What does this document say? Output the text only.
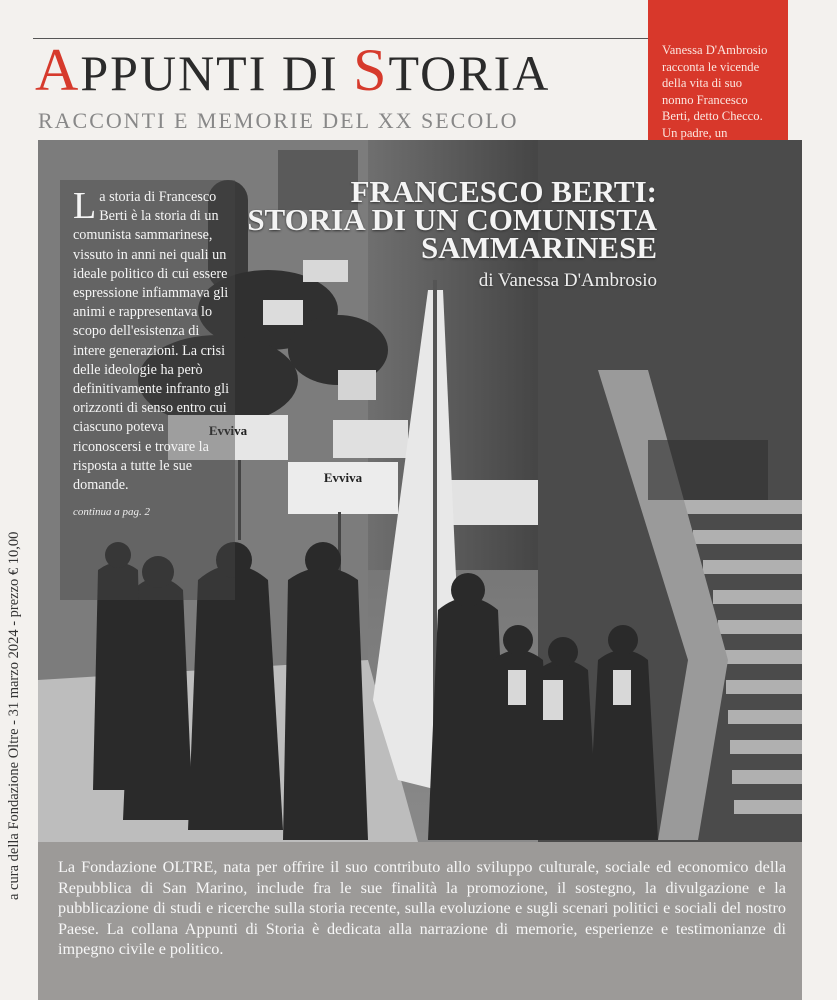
APPUNTI DI STORIA
RACCONTI E MEMORIE DEL XX SECOLO
Vanessa D'Ambrosio racconta le vicende della vita di suo nonno Francesco Berti, detto Checco. Un padre, un
a cura della Fondazione Oltre - 31 marzo 2024 - prezzo € 10,00
Evviva
Evviva
FRANCESCO BERTI:
STORIA DI UN COMUNISTA
SAMMARINESE
di Vanessa D'Ambrosio
La storia di Francesco Berti è la storia di un comunista sammarinese, vissuto in anni nei quali un ideale politico di cui essere espressione infiammava gli animi e rappresentava lo scopo dell'esistenza di intere generazioni. La crisi delle ideologie ha però definitivamente infranto gli orizzonti di senso entro cui ciascuno poteva riconoscersi e trovare la risposta a tutte le sue domande.
continua a pag. 2
La Fondazione OLTRE, nata per offrire il suo contributo allo sviluppo culturale, sociale ed economico della Repubblica di San Marino, include fra le sue finalità la promozione, il sostegno, la divulgazione e la pubblicazione di studi e ricerche sulla storia recente, sulla evoluzione e sugli scenari politici e sociali del nostro Paese. La collana Appunti di Storia è dedicata alla narrazione di memorie, esperienze e testimonianze di impegno civile e politico.
